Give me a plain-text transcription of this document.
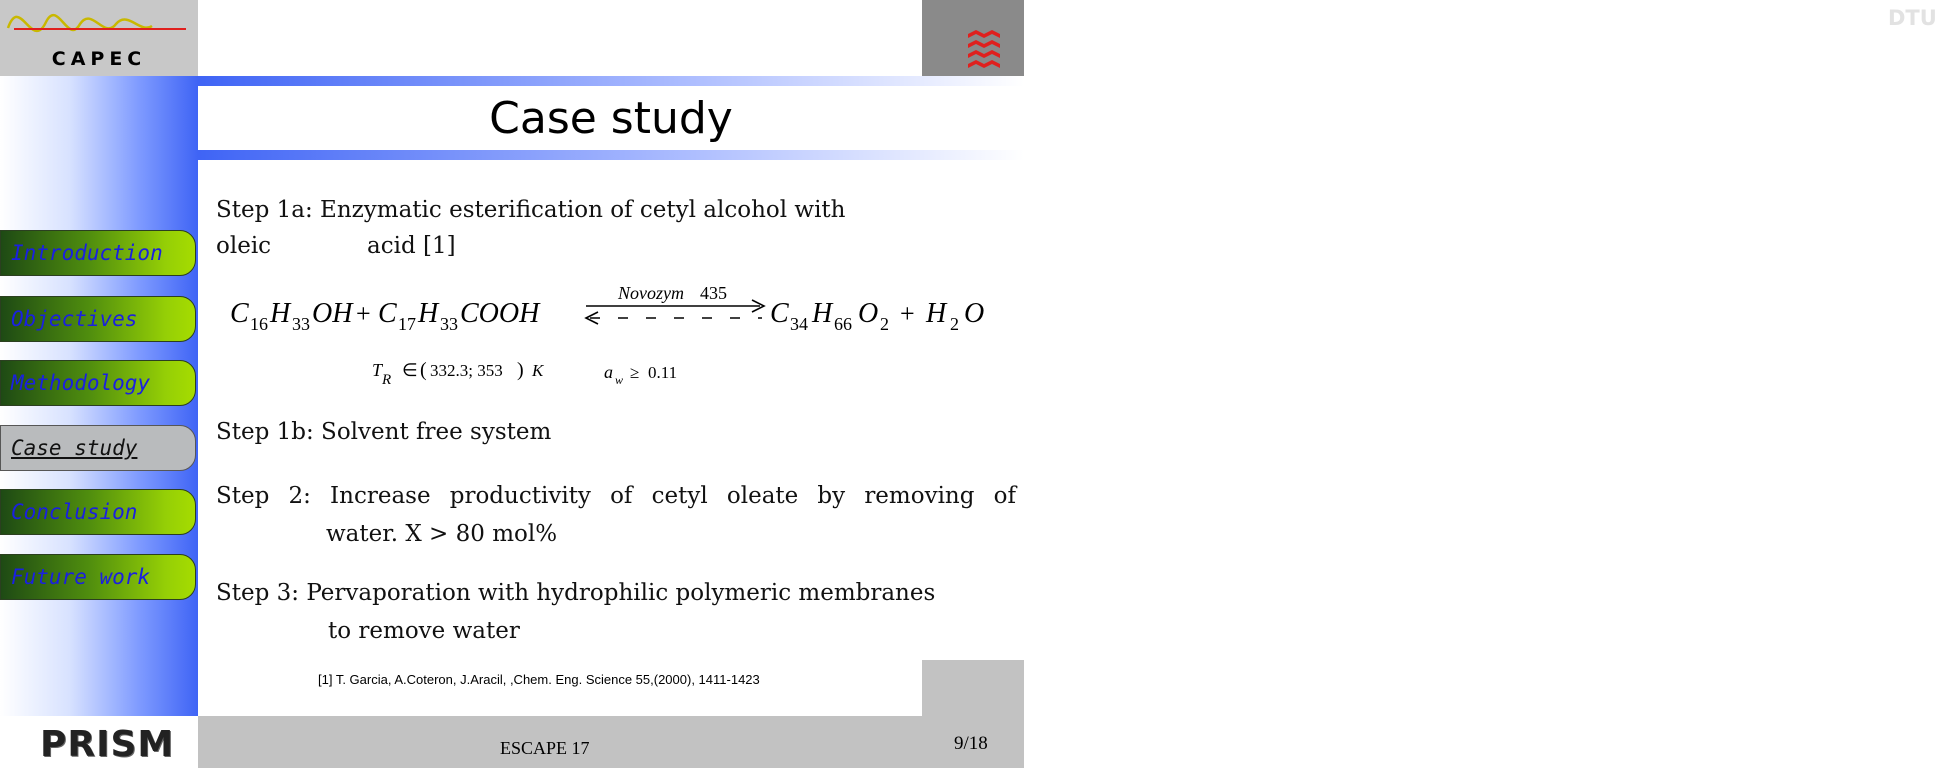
CAPEC
DTU
Introduction
Objectives
Methodology
Case study
Conclusion
Future work
Case study
Step 1a: Enzymatic esterification of cetyl alcohol with
oleic	acid [1]
C 16 H 33 OH + C 17 H 33 COOH
Novozym 435
C 34 H 66 O 2 + H 2 O
T R ∈ ( 332.3; 353 ) K	a w ≥ 0.11
Step 1b: Solvent free system
Step 2: Increase productivity of cetyl oleate by removing of
water. X > 80 mol%
Step 3: Pervaporation with hydrophilic polymeric membranes
to remove water
[1] T. Garcia, A.Coteron, J.Aracil, ,Chem. Eng. Science 55,(2000), 1411-1423
PRISM	ESCAPE 17	9/18
